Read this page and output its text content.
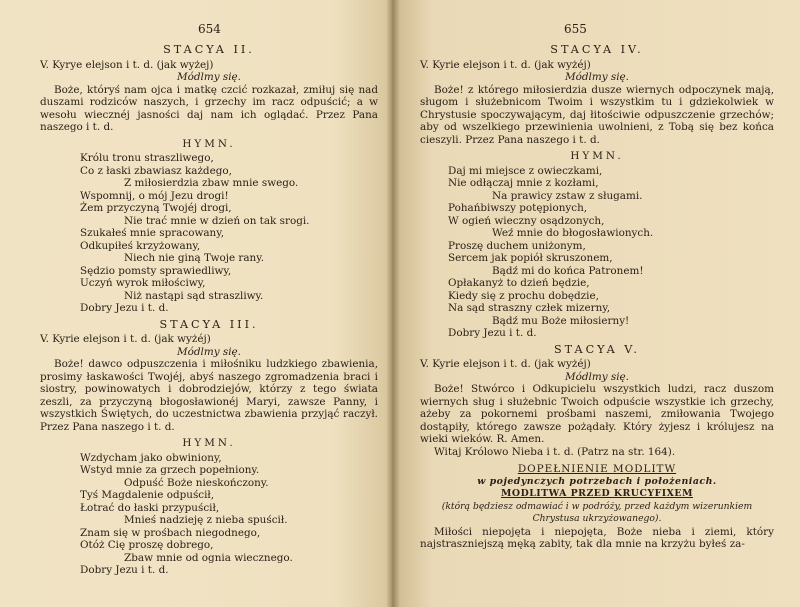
654
STACYA II.
V. Kyrye elejson i t. d. (jak wyżej)
Módlmy się.

Boże, któryś nam ojca i matkę czcić rozkazał, zmiłuj się nad duszami rodziców naszych, i grzechy im racz odpuścić; a w wesołu wiecznéj jasności daj nam ich oglądać. Przez Pana naszego i t. d.

HYMN.
Królu tronu straszliwego,
Co z łaski zbawiasz każdego,
Z miłosierdzia zbaw mnie swego.
Wspomnij, o mój Jezu drogi!
Żem przyczyną Twojéj drogi,
Nie trać mnie w dzień on tak srogi.
Szukałeś mnie spracowany,
Odkupiłeś krzyżowany,
Niech nie giną Twoje rany.
Sędzio pomsty sprawiedliwy,
Uczyń wyrok miłościwy,
Niż nastąpi sąd straszliwy.
Dobry Jezu i t. d.
STACYA III.
V. Kyrie elejson i t. d. (jak wyżéj)
Módlmy się.

Boże! dawco odpuszczenia i miłośniku ludzkiego zbawienia, prosimy łaskawości Twojéj, abyś naszego zgromadzenia braci i siostry, powinowatych i dobrodziejów, którzy z tego świata zeszli, za przyczyną błogosławionéj Maryi, zawsze Panny, i wszystkich Świętych, do uczestnictwa zbawienia przyjąć raczył. Przez Pana naszego i t. d.

HYMN.
Wzdycham jako obwiniony,
Wstyd mnie za grzech popełniony.
Odpuść Boże nieskończony.
Tyś Magdalenie odpuścił,
Łotrać do łaski przypuścił,
Mnieś nadzieję z nieba spuścił.
Znam się w prośbach niegodnego,
Otóż Cię proszę dobrego,
Zbaw mnie od ognia wiecznego.
Dobry Jezu i t. d.
655
STACYA IV.
V. Kyrie elejson i t. d. (jak wyżéj)
Módlmy się.

Boże! z którego miłosierdzia dusze wiernych odpoczynek mają, sługom i służebnicom Twoim i wszystkim tu i gdziekolwiek w Chrystusie spoczywającym, daj łitościwie odpuszczenie grzechów; aby od wszelkiego przewinienia uwolnieni, z Tobą się bez końca cieszyli. Przez Pana naszego i t. d.

HYMN.
Daj mi miejsce z owieczkami,
Nie odłączaj mnie z kozłami,
Na prawicy zstaw z sługami.
Pohańbiwszy potępionych,
W ogień wieczny osądzonych,
Weź mnie do błogosławionych.
Proszę duchem uniżonym,
Sercem jak popiół skruszonem,
Bądź mi do końca Patronem!
Opłakanyż to dzień będzie,
Kiedy się z prochu dobędzie,
Na sąd straszny człek mizerny,
Bądź mu Boże miłosierny!
Dobry Jezu i t. d.
STACYA V.
V. Kyrie elejson i t. d. (jak wyżéj)
Módlmy się.

Boże! Stwórco i Odkupicielu wszystkich ludzi, racz duszom wiernych sług i służebnic Twoich odpuście wszystkie ich grzechy, ażeby za pokornemi prośbami naszemi, zmiłowania Twojego dostąpiły, którego zawsze pożądały. Który żyjesz i królujesz na wieki wieków. R. Amen.

Witaj Królowo Nieba i t. d. (Patrz na str. 164).
DOPEŁNIENIE MODLITW
w pojedynczych potrzebach i położeniach.
MODLITWA PRZED KRUCYFIXEM
(którą będziesz odmawiać i w podróży, przed każdym wizerunkiem Chrystusa ukrzyżowanego).

Miłości niepojęta i niepojęta, Boże nieba i ziemi, który najstraszniejszą męką zabity, tak dla mnie na krzyżu byłeś za-
